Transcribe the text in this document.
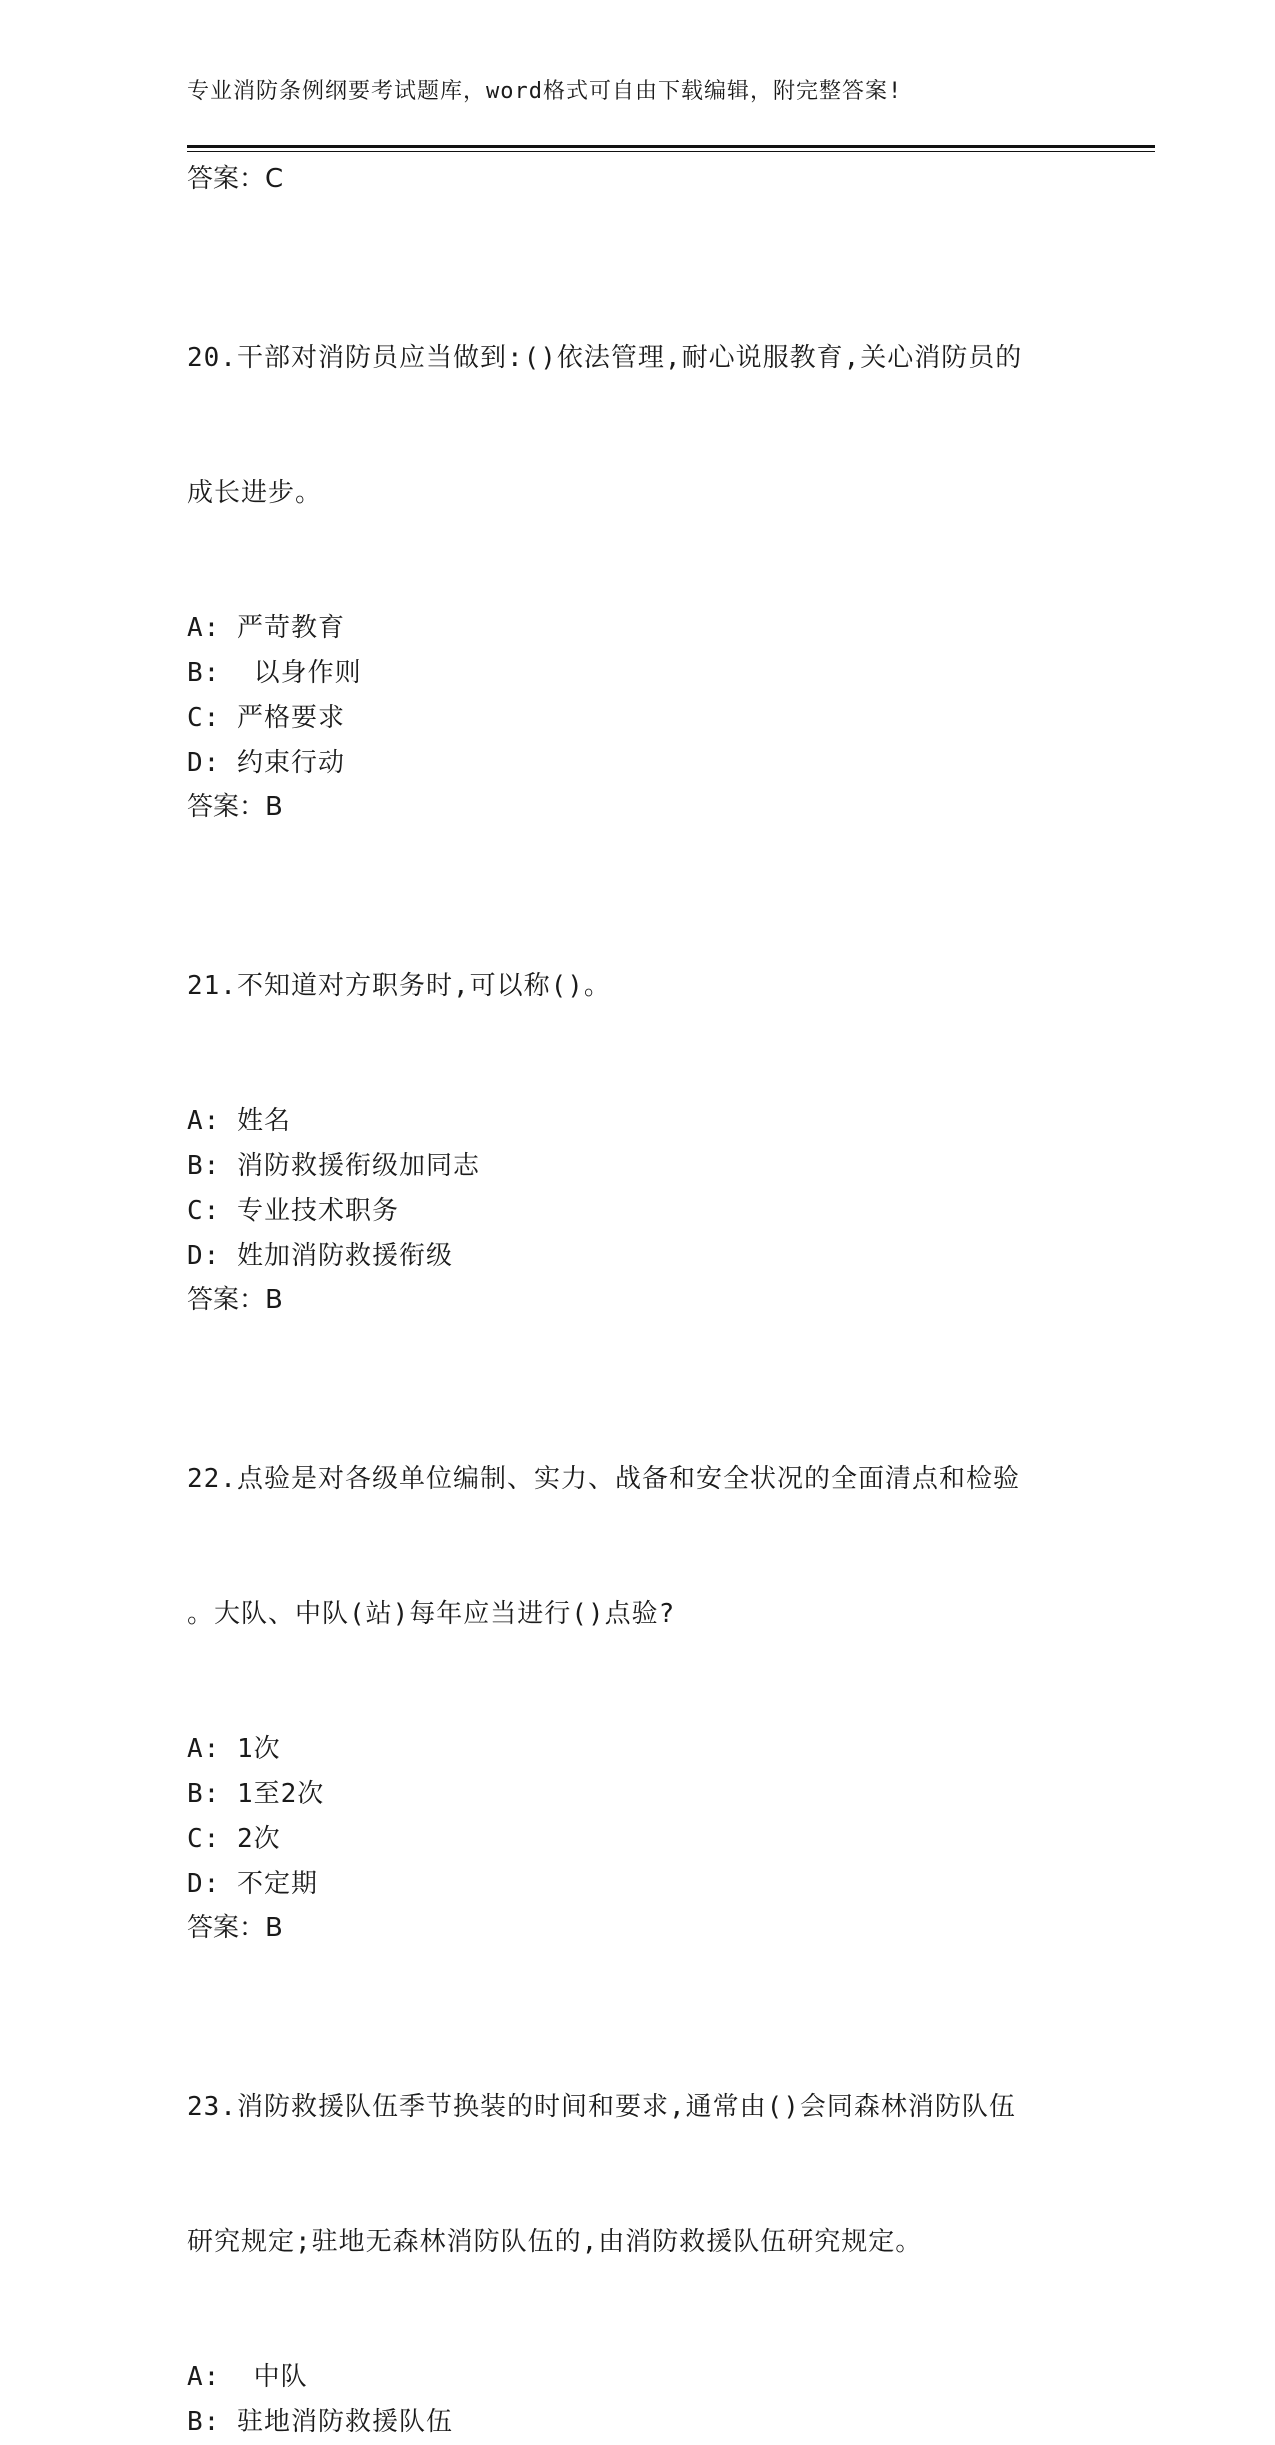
专业消防条例纲要考试题库，word格式可自由下载编辑，附完整答案!
答案：C

20.干部对消防员应当做到:()依法管理,耐心说服教育,关心消防员的

成长进步。

A: 严苛教育
B:  以身作则
C: 严格要求
D: 约束行动
答案：B

21.不知道对方职务时,可以称()。

A: 姓名
B: 消防救援衔级加同志
C: 专业技术职务
D: 姓加消防救援衔级
答案：B

22.点验是对各级单位编制、实力、战备和安全状况的全面清点和检验

。大队、中队(站)每年应当进行()点验?

A: 1次
B: 1至2次
C: 2次
D: 不定期
答案：B

23.消防救援队伍季节换装的时间和要求,通常由()会同森林消防队伍

研究规定;驻地无森林消防队伍的,由消防救援队伍研究规定。

A:  中队
B: 驻地消防救援队伍
